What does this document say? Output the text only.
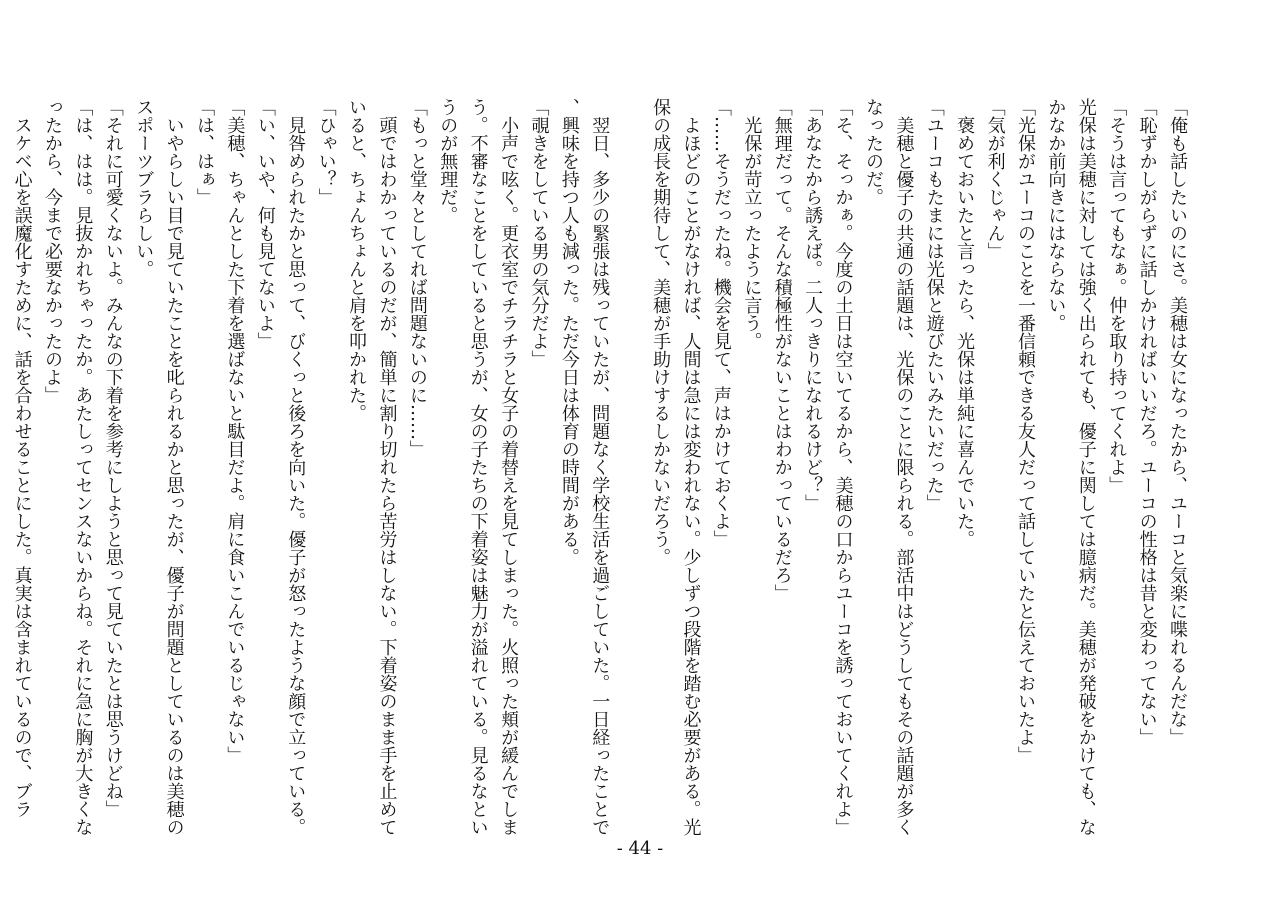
「俺も話したいのにさ。美穂は女になったから、ユーコと気楽に喋れるんだな」

「恥ずかしがらずに話しかければいいだろ。ユーコの性格は昔と変わってない」

「そうは言ってもなぁ。仲を取り持ってくれよ」

光保は美穂に対しては強く出られても、優子に関しては臆病だ。美穂が発破をかけても、なかなか前向きにはならない。

「光保がユーコのことを一番信頼できる友人だって話していたと伝えておいたよ」

「気が利くじゃん」

　褒めておいたと言ったら、光保は単純に喜んでいた。

「ユーコもたまには光保と遊びたいみたいだった」

　美穂と優子の共通の話題は、光保のことに限られる。部活中はどうしてもその話題が多くなったのだ。

「そ、そっかぁ。今度の土日は空いてるから、美穂の口からユーコを誘っておいてくれよ」

「あなたから誘えば。二人っきりになれるけど？」

「無理だって。そんな積極性がないことはわかっているだろ」

　光保が苛立ったように言う。

「……そうだったね。機会を見て、声はかけておくよ」

　よほどのことがなければ、人間は急には変われない。少しずつ段階を踏む必要がある。光保の成長を期待して、美穂が手助けするしかないだろう。

　翌日、多少の緊張は残っていたが、問題なく学校生活を過ごしていた。一日経ったことで、興味を持つ人も減った。ただ今日は体育の時間がある。

「覗きをしている男の気分だよ」

　小声で呟く。更衣室でチラチラと女子の着替えを見てしまった。火照った頬が緩んでしまう。不審なことをしていると思うが、女の子たちの下着姿は魅力が溢れている。見るなというのが無理だ。

「もっと堂々としてれば問題ないのに……」

　頭ではわかっているのだが、簡単に割り切れたら苦労はしない。下着姿のまま手を止めていると、ちょんちょんと肩を叩かれた。

「ひゃい？」

　見咎められたかと思って、びくっと後ろを向いた。優子が怒ったような顔で立っている。

「い、いや、何も見てないよ」

「美穂、ちゃんとした下着を選ばないと駄目だよ。肩に食いこんでいるじゃない」

「は、はぁ」

　いやらしい目で見ていたことを叱られるかと思ったが、優子が問題としているのは美穂のスポーツブラらしい。

「それに可愛くないよ。みんなの下着を参考にしようと思って見ていたとは思うけどね」

「は、はは。見抜かれちゃったか。あたしってセンスないからね。それに急に胸が大きくなったから、今まで必要なかったのよ」

　スケベ心を誤魔化すために、話を合わせることにした。真実は含まれているので、ブラ

- 44 -
